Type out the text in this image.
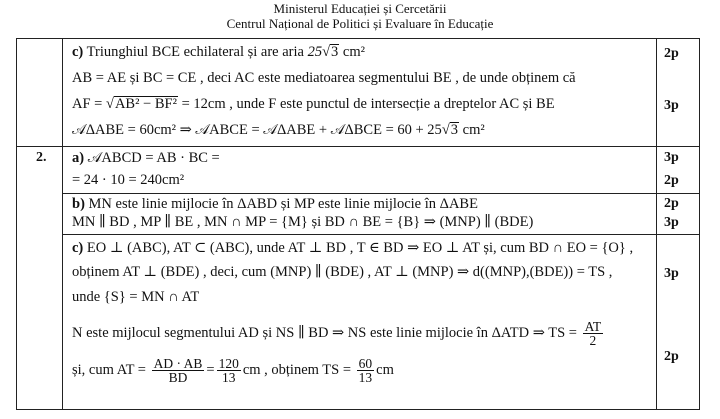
Ministerul Educației și Cercetării
Centrul Național de Politici și Evaluare în Educație
c) Triunghiul BCE echilateral și are aria 25√3 cm²
AB = AE și BC = CE , deci AC este mediatoarea segmentului BE , de unde obținem că
AF = √AB² − BF² = 12cm , unde F este punctul de intersecție a dreptelor AC și BE
𝒜ΔABE = 60cm² ⇒ 𝒜ABCE = 𝒜ΔABE + 𝒜ΔBCE = 60 + 25√3 cm²
2p
3p
2. a) 𝒜ABCD = AB · BC =
= 24 · 10 = 240cm²
3p
2p
b) MN este linie mijlocie în ΔABD și MP este linie mijlocie în ΔABE
MN ∥ BD , MP ∥ BE , MN ∩ MP = {M} și BD ∩ BE = {B} ⇒ (MNP) ∥ (BDE)
2p
3p
c) EO ⊥ (ABC), AT ⊂ (ABC), unde AT ⊥ BD , T ∈ BD ⇒ EO ⊥ AT și, cum BD ∩ EO = {O} ,
obținem AT ⊥ (BDE) , deci, cum (MNP) ∥ (BDE) , AT ⊥ (MNP) ⇒ d((MNP),(BDE)) = TS ,
unde {S} = MN ∩ AT
N este mijlocul segmentului AD și NS ∥ BD ⇒ NS este linie mijlocie în ΔATD ⇒ TS = $\frac{AT}{2}$
și, cum AT = $\frac{AD \cdot AB}{BD} = \frac{120}{13}$ cm , obținem TS = $\frac{60}{13}$ cm
3p
2p
